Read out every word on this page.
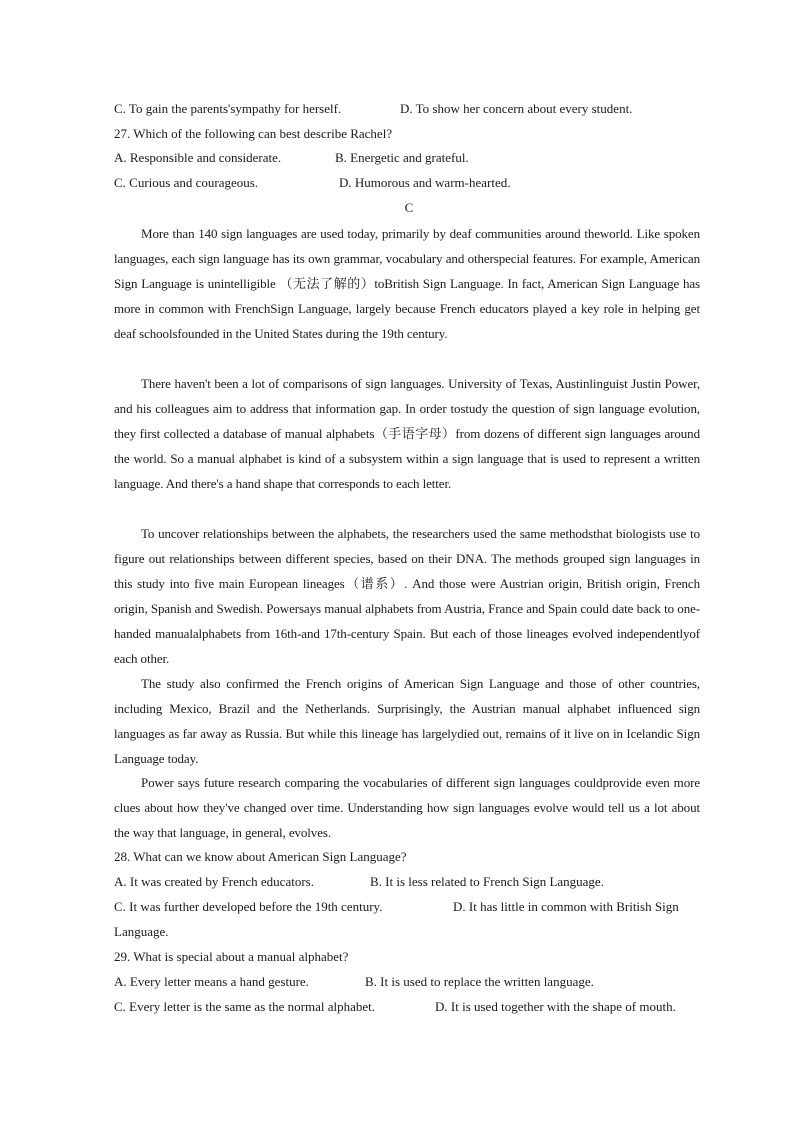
C. To gain the parents'sympathy for herself.	D. To show her concern about every student.
27. Which of the following can best describe Rachel?
A. Responsible and considerate.	B. Energetic and grateful.
C. Curious and courageous.	D. Humorous and warm-hearted.
C

More than 140 sign languages are used today, primarily by deaf communities around theworld. Like spoken languages, each sign language has its own grammar, vocabulary and otherspecial features. For example, American Sign Language is unintelligible （无法了解的）toBritish Sign Language. In fact, American Sign Language has more in common with FrenchSign Language, largely because French educators played a key role in helping get deaf schoolsfounded in the United States during the 19th century.

There haven't been a lot of comparisons of sign languages. University of Texas, Austinlinguist Justin Power, and his colleagues aim to address that information gap. In order tostudy the question of sign language evolution, they first collected a database of manual alphabets（手语字母）from dozens of different sign languages around the world. So a manual alphabet is kind of a subsystem within a sign language that is used to represent a written language. And there's a hand shape that corresponds to each letter.

To uncover relationships between the alphabets, the researchers used the same methodsthat biologists use to figure out relationships between different species, based on their DNA. The methods grouped sign languages in this study into five main European lineages（谱系）. And those were Austrian origin, British origin, French origin, Spanish and Swedish. Powersays manual alphabets from Austria, France and Spain could date back to one-handed manualalphabets from 16th-and 17th-century Spain. But each of those lineages evolved independentlyof each other.

The study also confirmed the French origins of American Sign Language and those of other countries, including Mexico, Brazil and the Netherlands. Surprisingly, the Austrian manual alphabet influenced sign languages as far away as Russia. But while this lineage has largelydied out, remains of it live on in Icelandic Sign Language today.

Power says future research comparing the vocabularies of different sign languages couldprovide even more clues about how they've changed over time. Understanding how sign languages evolve would tell us a lot about the way that language, in general, evolves.

28. What can we know about American Sign Language?
A. It was created by French educators.	B. It is less related to French Sign Language.
C. It was further developed before the 19th century.	D. It has little in common with British Sign
Language.
29. What is special about a manual alphabet?
A. Every letter means a hand gesture.	B. It is used to replace the written language.
C. Every letter is the same as the normal alphabet.	D. It is used together with the shape of mouth.
